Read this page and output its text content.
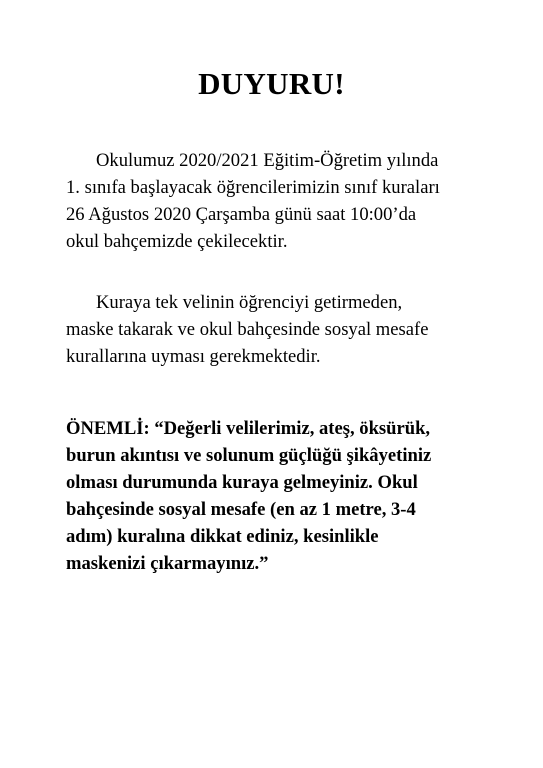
DUYURU!

Okulumuz 2020/2021 Eğitim-Öğretim yılında
1. sınıfa başlayacak öğrencilerimizin sınıf kuraları
26 Ağustos 2020 Çarşamba günü saat 10:00’da
okul bahçemizde çekilecektir.

Kuraya tek velinin öğrenciyi getirmeden,
maske takarak ve okul bahçesinde sosyal mesafe
kurallarına uyması gerekmektedir.

ÖNEMLİ: “Değerli velilerimiz, ateş, öksürük,
burun akıntısı ve solunum güçlüğü şikâyetiniz
olması durumunda kuraya gelmeyiniz. Okul
bahçesinde sosyal mesafe (en az 1 metre, 3-4
adım) kuralına dikkat ediniz, kesinlikle
maskenizi çıkarmayınız.”
